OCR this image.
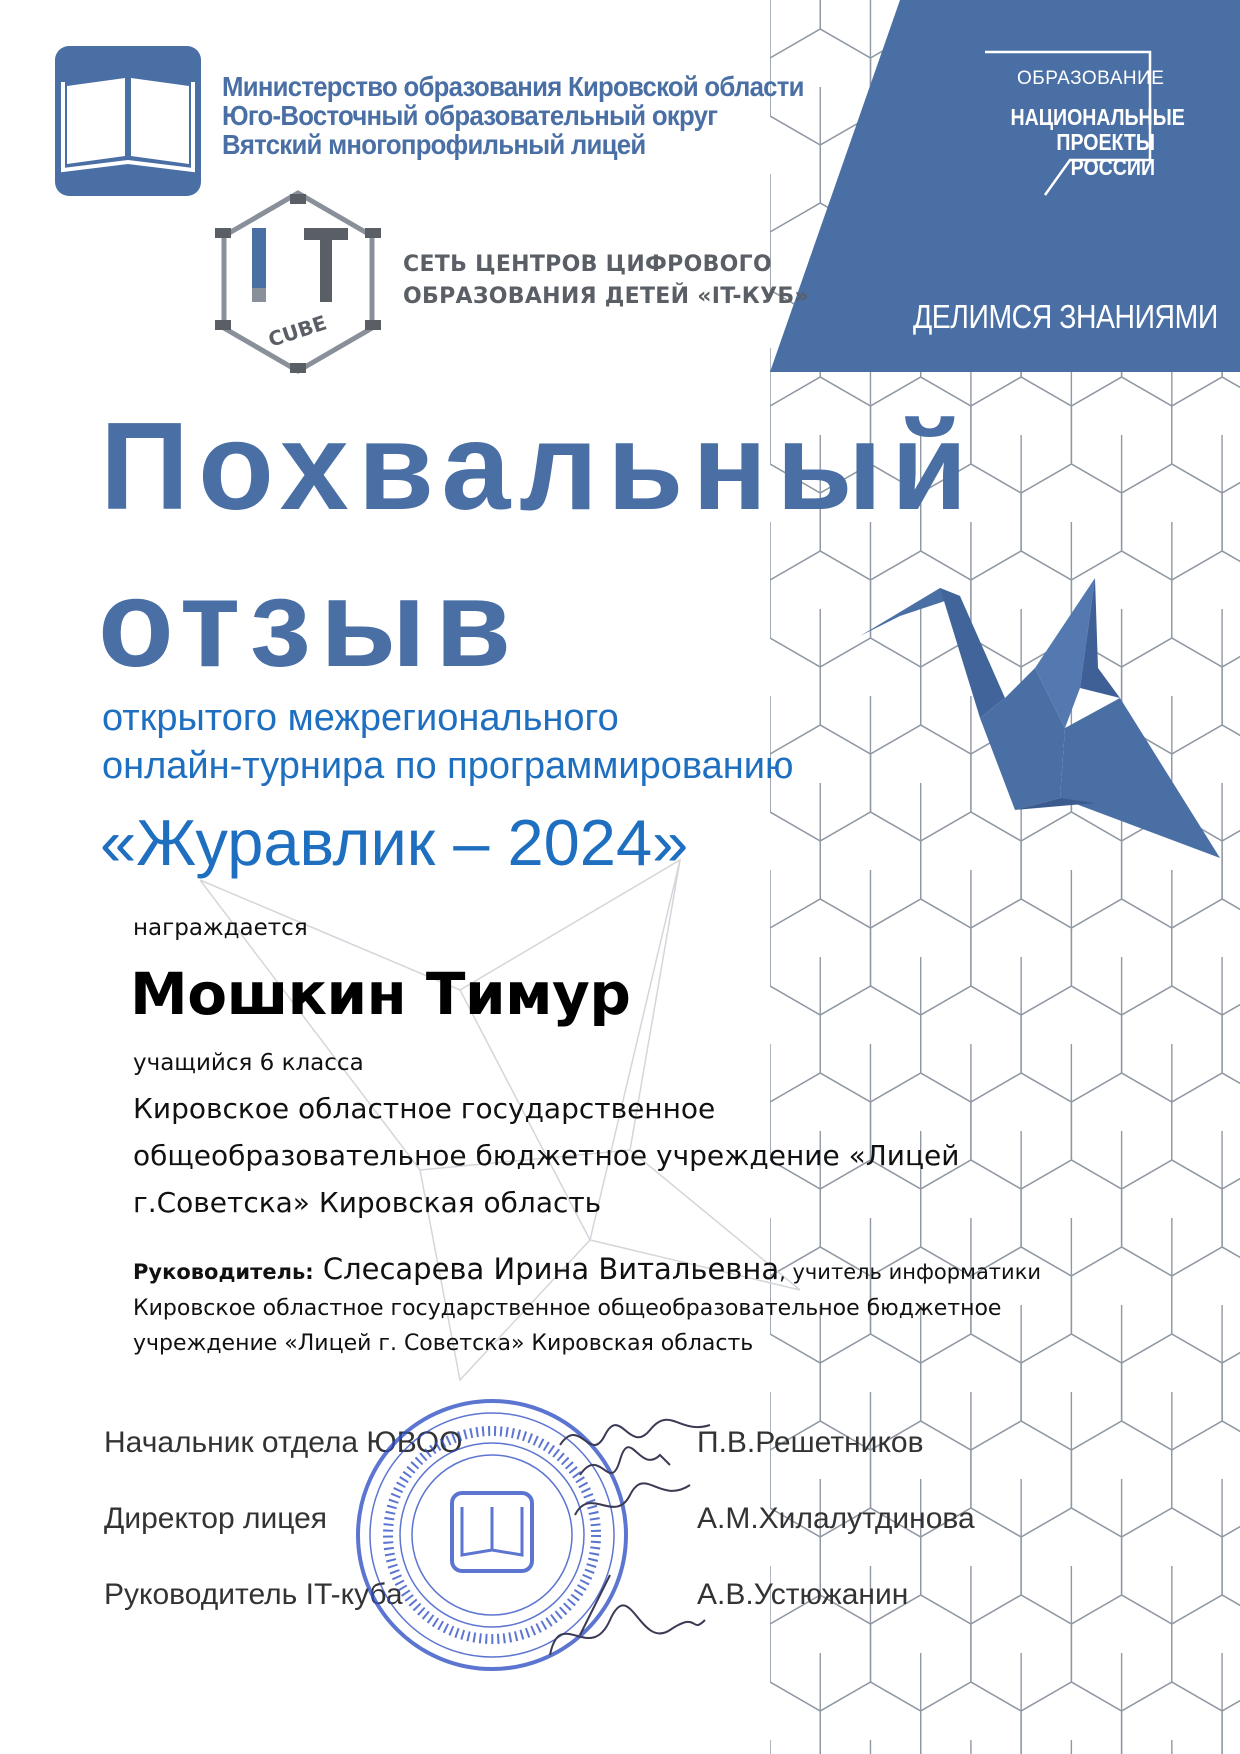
ОБРАЗОВАНИЕ
НАЦИОНАЛЬНЫЕ
ПРОЕКТЫ
РОССИИ
ДЕЛИМСЯ ЗНАНИЯМИ
Министерство образования Кировской области
Юго-Восточный образовательный округ
Вятский многопрофильный лицей
CUBE
СЕТЬ ЦЕНТРОВ ЦИФРОВОГО
ОБРАЗОВАНИЯ ДЕТЕЙ «IT-КУБ»
Похвальный
отзыв
открытого межрегионального
онлайн-турнира по программированию
«Журавлик – 2024»
награждается
Мошкин Тимур
учащийся 6 класса
Кировское областное государственное
общеобразовательное бюджетное учреждение «Лицей
г.Советска» Кировская область
Руководитель: Слесарева Ирина Витальевна, учитель информатики
Кировское областное государственное общеобразовательное бюджетное
учреждение «Лицей г. Советска» Кировская область
Начальник отдела ЮВОО	П.В.Решетников
Директор лицея	А.М.Хилалутдинова
Руководитель IT-куба	А.В.Устюжанин
